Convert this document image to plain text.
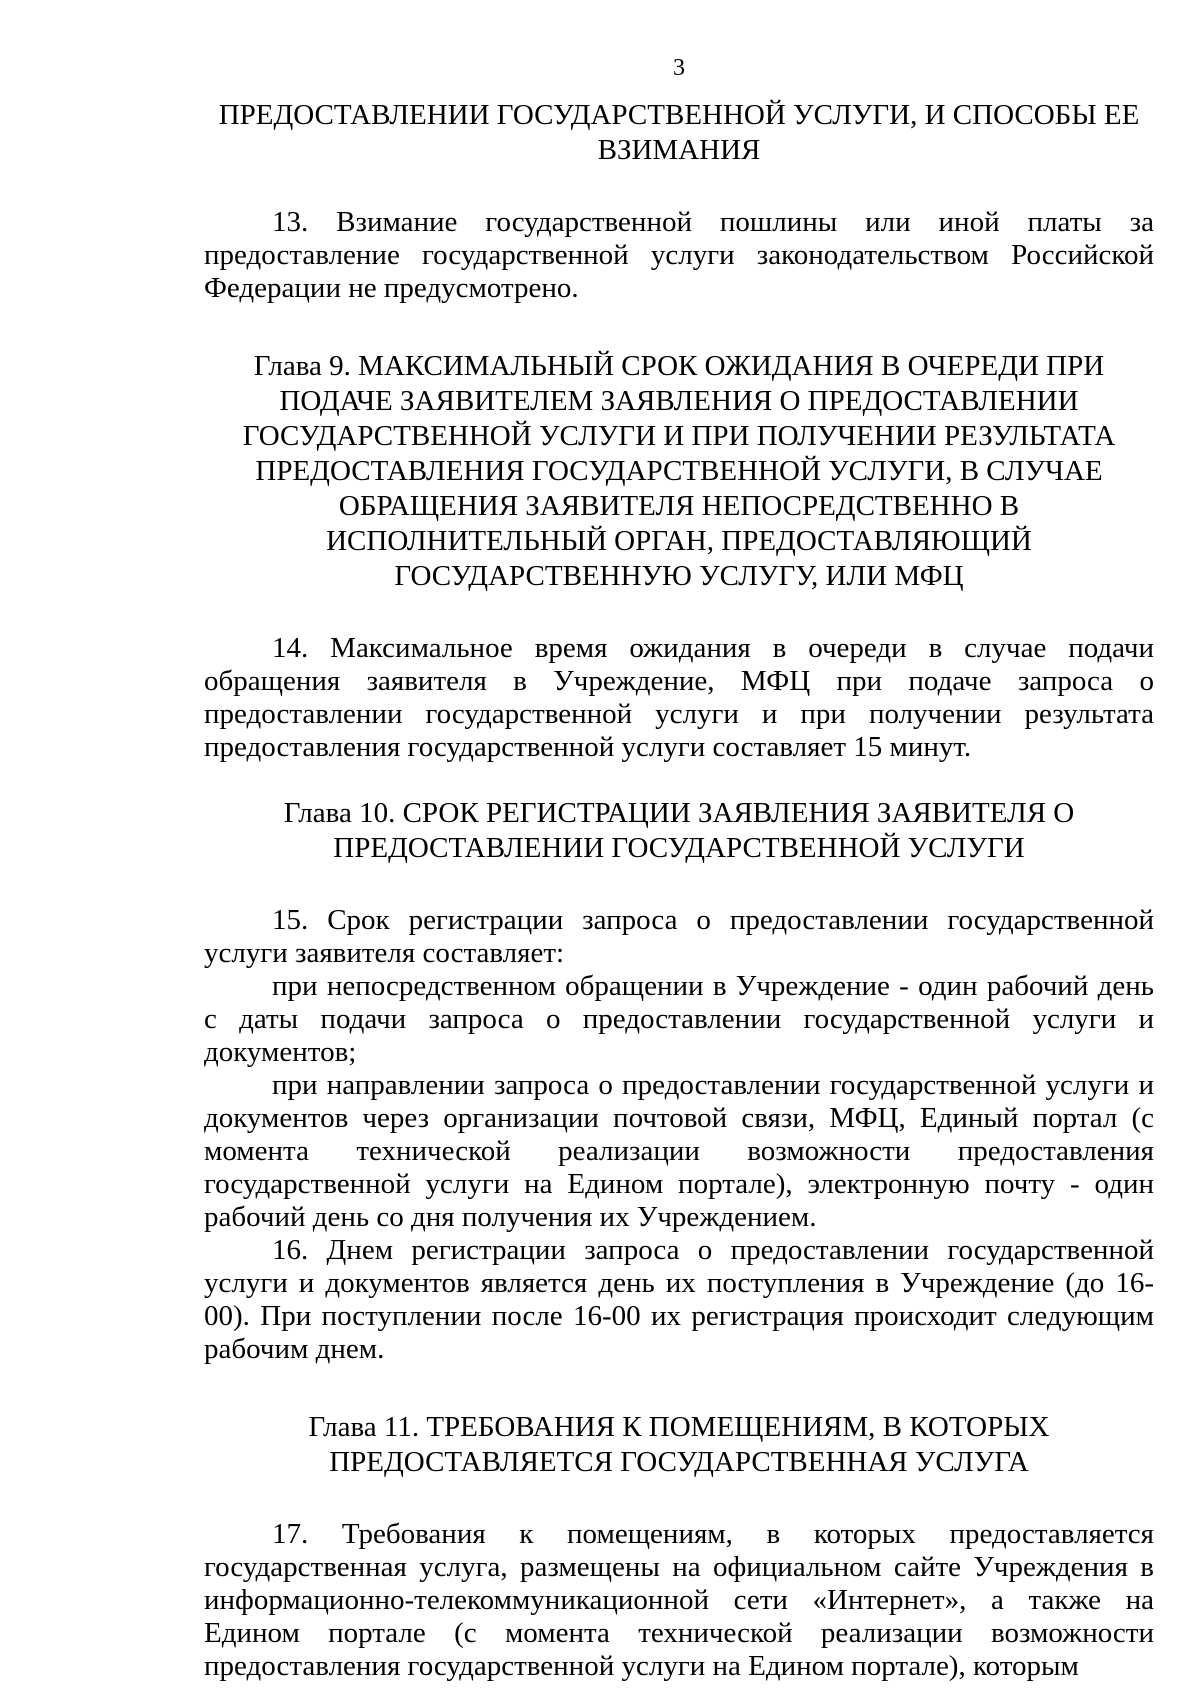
3
ПРЕДОСТАВЛЕНИИ ГОСУДАРСТВЕННОЙ УСЛУГИ, И СПОСОБЫ ЕЕ
ВЗИМАНИЯ

13. Взимание государственной пошлины или иной платы за предоставление государственной услуги законодательством Российской Федерации не предусмотрено.

Глава 9. МАКСИМАЛЬНЫЙ СРОК ОЖИДАНИЯ В ОЧЕРЕДИ ПРИ
ПОДАЧЕ ЗАЯВИТЕЛЕМ ЗАЯВЛЕНИЯ О ПРЕДОСТАВЛЕНИИ
ГОСУДАРСТВЕННОЙ УСЛУГИ И ПРИ ПОЛУЧЕНИИ РЕЗУЛЬТАТА
ПРЕДОСТАВЛЕНИЯ ГОСУДАРСТВЕННОЙ УСЛУГИ, В СЛУЧАЕ
ОБРАЩЕНИЯ ЗАЯВИТЕЛЯ НЕПОСРЕДСТВЕННО В
ИСПОЛНИТЕЛЬНЫЙ ОРГАН, ПРЕДОСТАВЛЯЮЩИЙ
ГОСУДАРСТВЕННУЮ УСЛУГУ, ИЛИ МФЦ

14. Максимальное время ожидания в очереди в случае подачи обращения заявителя в Учреждение, МФЦ при подаче запроса о предоставлении государственной услуги и при получении результата предоставления государственной услуги составляет 15 минут.

Глава 10. СРОК РЕГИСТРАЦИИ ЗАЯВЛЕНИЯ ЗАЯВИТЕЛЯ О
ПРЕДОСТАВЛЕНИИ ГОСУДАРСТВЕННОЙ УСЛУГИ

15. Срок регистрации запроса о предоставлении государственной услуги заявителя составляет:

при непосредственном обращении в Учреждение - один рабочий день с даты подачи запроса о предоставлении государственной услуги и документов;

при направлении запроса о предоставлении государственной услуги и документов через организации почтовой связи, МФЦ, Единый портал (с момента технической реализации возможности предоставления государственной услуги на Едином портале), электронную почту - один рабочий день со дня получения их Учреждением.

16. Днем регистрации запроса о предоставлении государственной услуги и документов является день их поступления в Учреждение (до 16-00). При поступлении после 16-00 их регистрация происходит следующим рабочим днем.

Глава 11. ТРЕБОВАНИЯ К ПОМЕЩЕНИЯМ, В КОТОРЫХ
ПРЕДОСТАВЛЯЕТСЯ ГОСУДАРСТВЕННАЯ УСЛУГА

17. Требования к помещениям, в которых предоставляется государственная услуга, размещены на официальном сайте Учреждения в информационно-телекоммуникационной сети «Интернет», а также на Едином портале (с момента технической реализации возможности предоставления государственной услуги на Едином портале), которым
